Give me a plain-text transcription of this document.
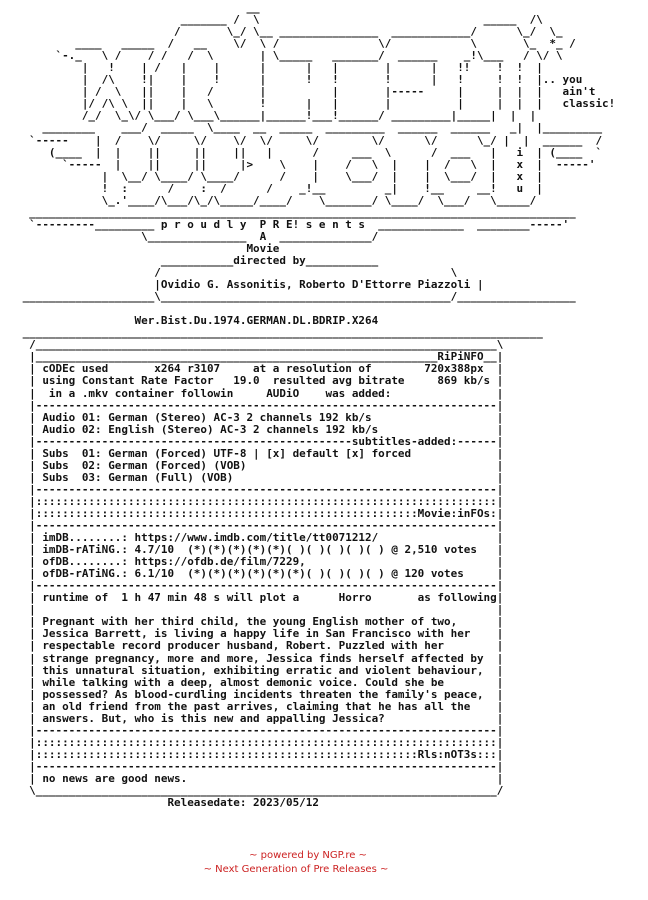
__
_______ /  \                                  _____  /\
/       \_/ \__ _______________  ____________/      \_/  \_
____   _____  /   __    \/  \ /               \/            \       \_  *_ /
`-._   \ /    / /   /  \       | \_____   _______/  ______    _!\___   / \/ \
|   !    | /   |    |      |      |   |       |      |   !!    !  !  |
|  /\    !|    |    !      |      !   !       !      |   !     !  !  |.. you
| /  \   ||    |   /       |          |       |-----     |     |  |  |   ain't
|/ /\ \  ||    |   \       !      |   |       |          |     |  |  |   classic!
/_/  \_\/ \___/ \___\______|______!___!______/ _________|_____|  |  |
________    ___/  _____  \____  __  _____  _________  ______  ______   _|  |_________
`-----    |  /    \/     \/    \/  \/     \/        \/      \/      \_/ |  |  ______  /
(____  |  |    ||     ||    ||   |      /     ___  \      /  ___   |   i  | (____  `
`-----  |    ||     ||     |>    \    |    /   \  |    |  /   \  |   x  |  -----'
|  \__/ \____/ \____/      /    |    \___/  |    |  \___/  |   x  |
!  :      /    :  /      /    _!__         _|    !__     __!   u  |
\_.'____/\___/\_/\_____/____/    \_______/ \____/  \___/   \_____/
___________________________________________________________________________________
`---------_________ p r o u d l y  P R E! s e n t s  _____________  ________-----'
\_______________  A  ______________/
Movie
___________directed by___________
/                                            \
|Ovidio G. Assonitis, Roberto D'Ettorre Piazzoli |
____________________\____________________________________________/__________________

Wer.Bist.Du.1974.GERMAN.DL.BDRIP.X264
_______________________________________________________________________________
/______________________________________________________________________\
|_____________________________________________________________RiPiNFO__|
| cODEc used       x264 r3107     at a resolution of        720x388px  |
| using Constant Rate Factor   19.0  resulted avg bitrate     869 kb/s |
|  in a .mkv container followin     AUDiO    was added:                |
|----------------------------------------------------------------------|
| Audio 01: German (Stereo) AC-3 2 channels 192 kb/s                   |
| Audio 02: English (Stereo) AC-3 2 channels 192 kb/s                  |
|------------------------------------------------subtitles-added:------|
| Subs  01: German (Forced) UTF-8 | [x] default [x] forced             |
| Subs  02: German (Forced) (VOB)                                      |
| Subs  03: German (Full) (VOB)                                        |
|----------------------------------------------------------------------|
|::::::::::::::::::::::::::::::::::::::::::::::::::::::::::::::::::::::|
|::::::::::::::::::::::::::::::::::::::::::::::::::::::::::Movie:inFOs:|
|----------------------------------------------------------------------|
| imDB........: https://www.imdb.com/title/tt0071212/                  |
| imDB-rATiNG.: 4.7/10  (*)(*)(*)(*)(*)( )( )( )( )( ) @ 2,510 votes   |
| ofDB........: https://ofdb.de/film/7229,                             |
| ofDB-rATiNG.: 6.1/10  (*)(*)(*)(*)(*)(*)( )( )( )( ) @ 120 votes     |
|----------------------------------------------------------------------|
| runtime of  1 h 47 min 48 s will plot a      Horro       as following|
|                                                                      |
| Pregnant with her third child, the young English mother of two,      |
| Jessica Barrett, is living a happy life in San Francisco with her    |
| respectable record producer husband, Robert. Puzzled with her        |
| strange pregnancy, more and more, Jessica finds herself affected by  |
| this unnatural situation, exhibiting erratic and violent behaviour,  |
| while talking with a deep, almost demonic voice. Could she be        |
| possessed? As blood-curdling incidents threaten the family's peace,  |
| an old friend from the past arrives, claiming that he has all the    |
| answers. But, who is this new and appalling Jessica?                 |
|----------------------------------------------------------------------|
|::::::::::::::::::::::::::::::::::::::::::::::::::::::::::::::::::::::|
|::::::::::::::::::::::::::::::::::::::::::::::::::::::::::Rls:nOT3s:::|
|----------------------------------------------------------------------|
| no news are good news.                                               |
\______________________________________________________________________/
Releasedate: 2023/05/12
~ powered by NGP.re ~
~ Next Generation of Pre Releases ~
